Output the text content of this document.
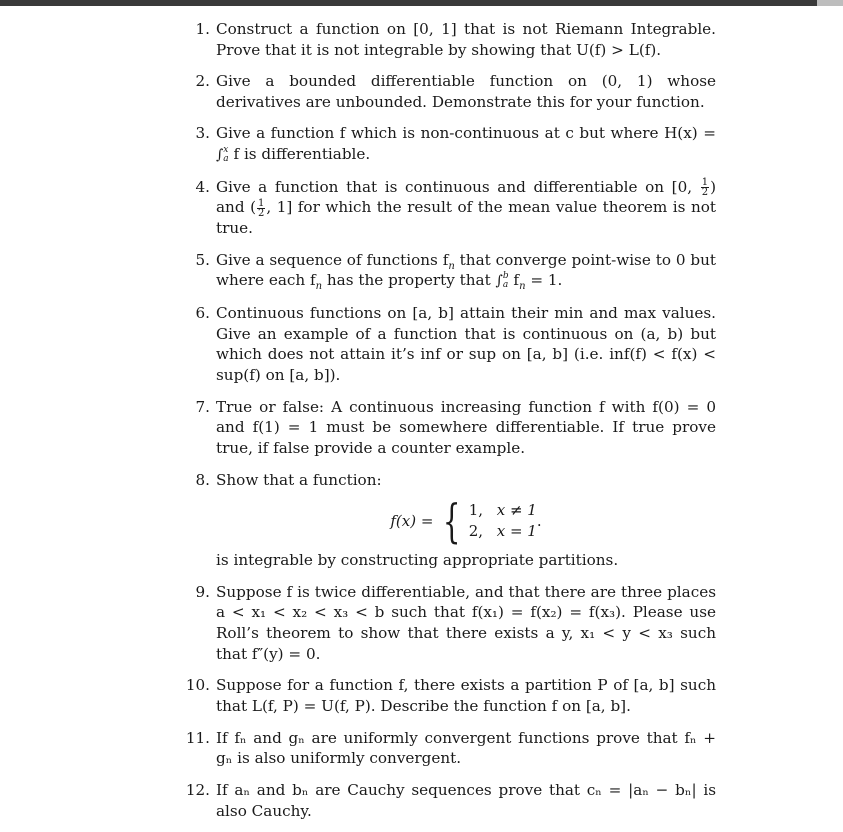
1. Construct a function on [0, 1] that is not Riemann Integrable. Prove that it is not integrable by showing that U(f) > L(f).
2. Give a bounded differentiable function on (0, 1) whose derivatives are unbounded. Demonstrate this for your function.
3. Give a function f which is non-continuous at c but where H(x) = ∫ x
a f is differentiable.
4. Give a function that is continuous and differentiable on [0, $\frac{1}{2}$ ) and ( $\frac{1}{2}$ , 1] for which the result of the mean value theorem is not true.
5. Give a sequence of functions $f_n$ that converge point-wise to 0 but where each $f_n$ has the property that ∫ b
a $f_n = 1$.
6. Continuous functions on [a, b] attain their min and max values. Give an example of a function that is continuous on (a, b) but which does not attain it’s inf or sup on [a, b] (i.e. inf(f) < f(x) < sup(f) on [a, b]).
7. True or false: A continuous increasing function f with f(0) = 0 and f(1) = 1 must be somewhere differentiable. If true prove true, if false provide a counter example.
8. Show that a function:
f(x) = { 1, x ≠ 1
2, x = 1
.
is integrable by constructing appropriate partitions.
9. Suppose f is twice differentiable, and that there are three places a < x₁ < x₂ < x₃ < b such that f(x₁) = f(x₂) = f(x₃). Please use Roll’s theorem to show that there exists a y, x₁ < y < x₃ such that f″(y) = 0.
10. Suppose for a function f, there exists a partition P of [a, b] such that L(f, P) = U(f, P). Describe the function f on [a, b].
11. If fₙ and gₙ are uniformly convergent functions prove that fₙ + gₙ is also uniformly convergent.
12. If aₙ and bₙ are Cauchy sequences prove that cₙ = |aₙ − bₙ| is also Cauchy.
